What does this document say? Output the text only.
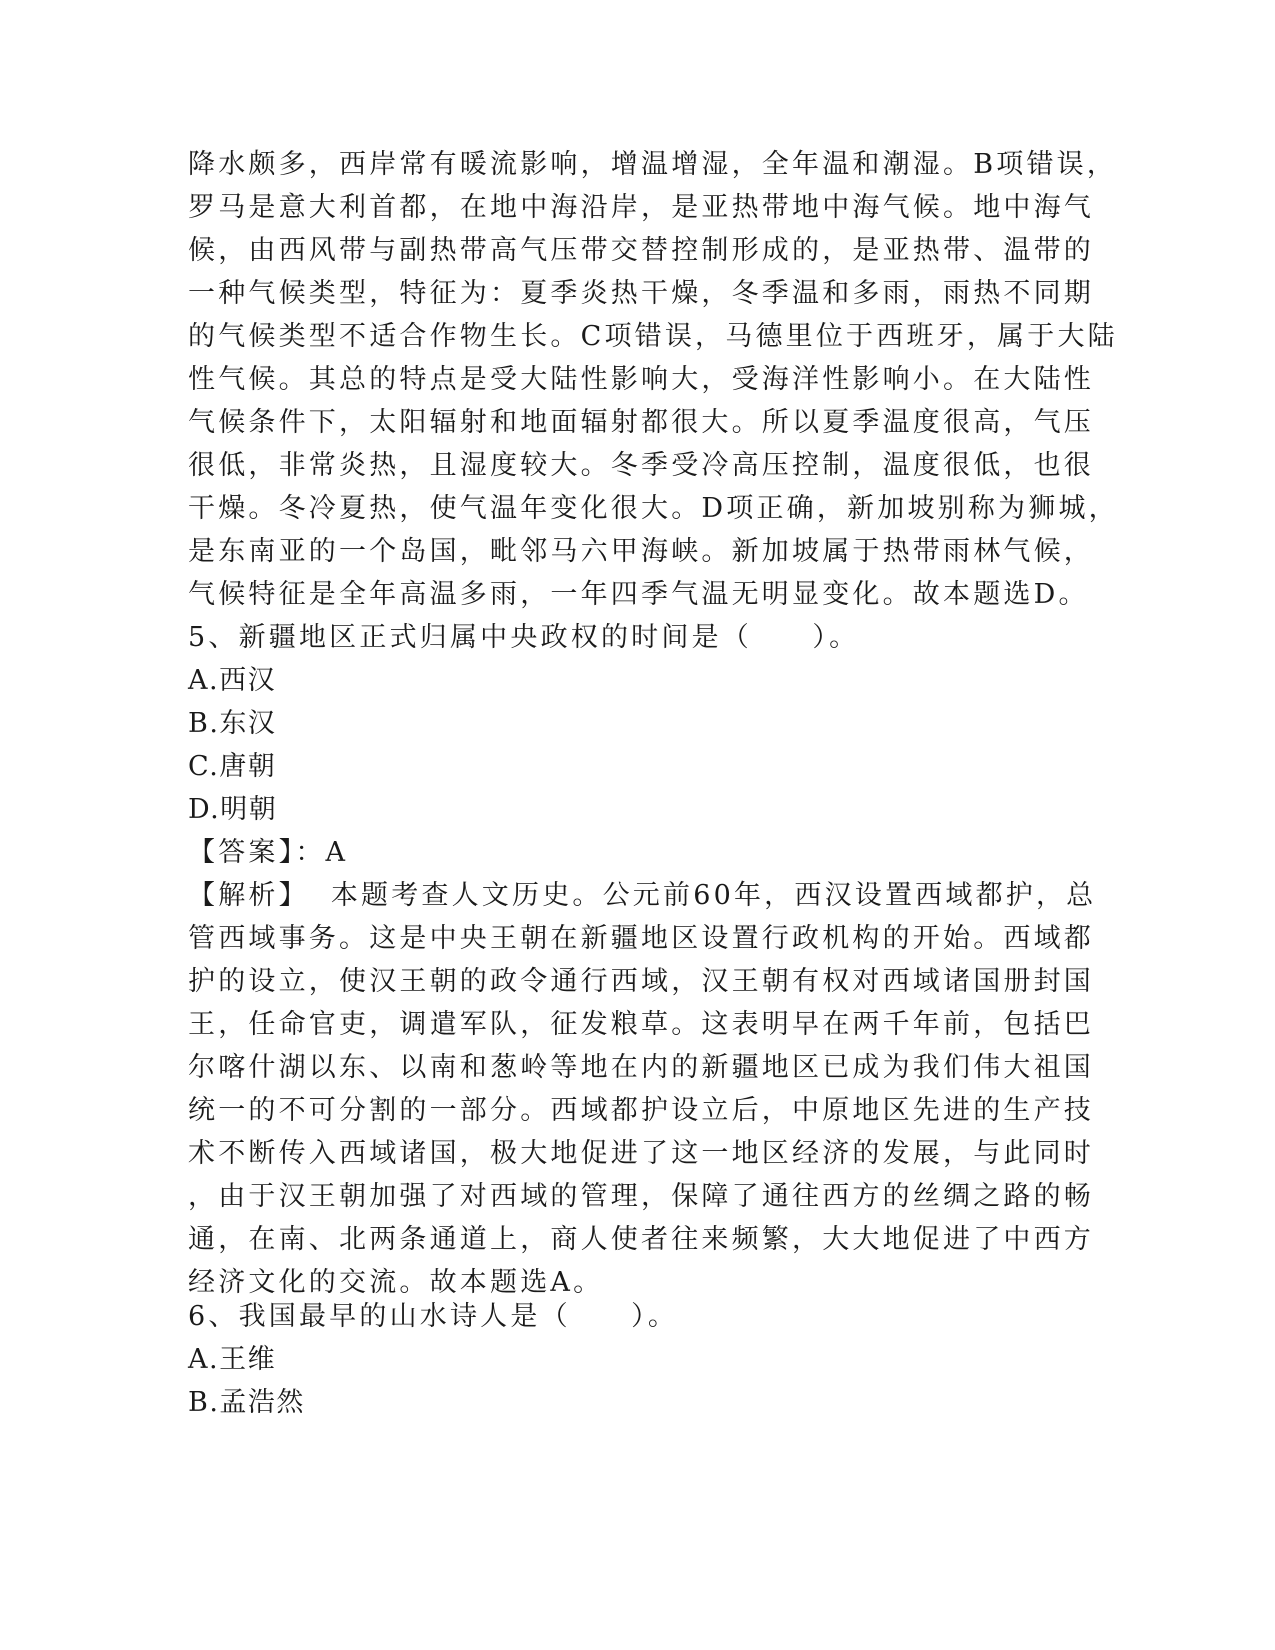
降水颇多，西岸常有暖流影响，增温增湿，全年温和潮湿。B项错误，
罗马是意大利首都，在地中海沿岸，是亚热带地中海气候。地中海气
候，由西风带与副热带高气压带交替控制形成的，是亚热带、温带的
一种气候类型，特征为：夏季炎热干燥，冬季温和多雨，雨热不同期
的气候类型不适合作物生长。C项错误，马德里位于西班牙，属于大陆
性气候。其总的特点是受大陆性影响大，受海洋性影响小。在大陆性
气候条件下，太阳辐射和地面辐射都很大。所以夏季温度很高，气压
很低，非常炎热，且湿度较大。冬季受冷高压控制，温度很低，也很
干燥。冬冷夏热，使气温年变化很大。D项正确，新加坡别称为狮城，
是东南亚的一个岛国，毗邻马六甲海峡。新加坡属于热带雨林气候，
气候特征是全年高温多雨，一年四季气温无明显变化。故本题选D。
5、新疆地区正式归属中央政权的时间是（　　）。
A.西汉
B.东汉
C.唐朝
D.明朝
【答案】：A
【解析】 本题考查人文历史。公元前60年，西汉设置西域都护，总
管西域事务。这是中央王朝在新疆地区设置行政机构的开始。西域都
护的设立，使汉王朝的政令通行西域，汉王朝有权对西域诸国册封国
王，任命官吏，调遣军队，征发粮草。这表明早在两千年前，包括巴
尔喀什湖以东、以南和葱岭等地在内的新疆地区已成为我们伟大祖国
统一的不可分割的一部分。西域都护设立后，中原地区先进的生产技
术不断传入西域诸国，极大地促进了这一地区经济的发展，与此同时
，由于汉王朝加强了对西域的管理，保障了通往西方的丝绸之路的畅
通，在南、北两条通道上，商人使者往来频繁，大大地促进了中西方
经济文化的交流。故本题选A。
6、我国最早的山水诗人是（　　）。
A.王维
B.孟浩然
